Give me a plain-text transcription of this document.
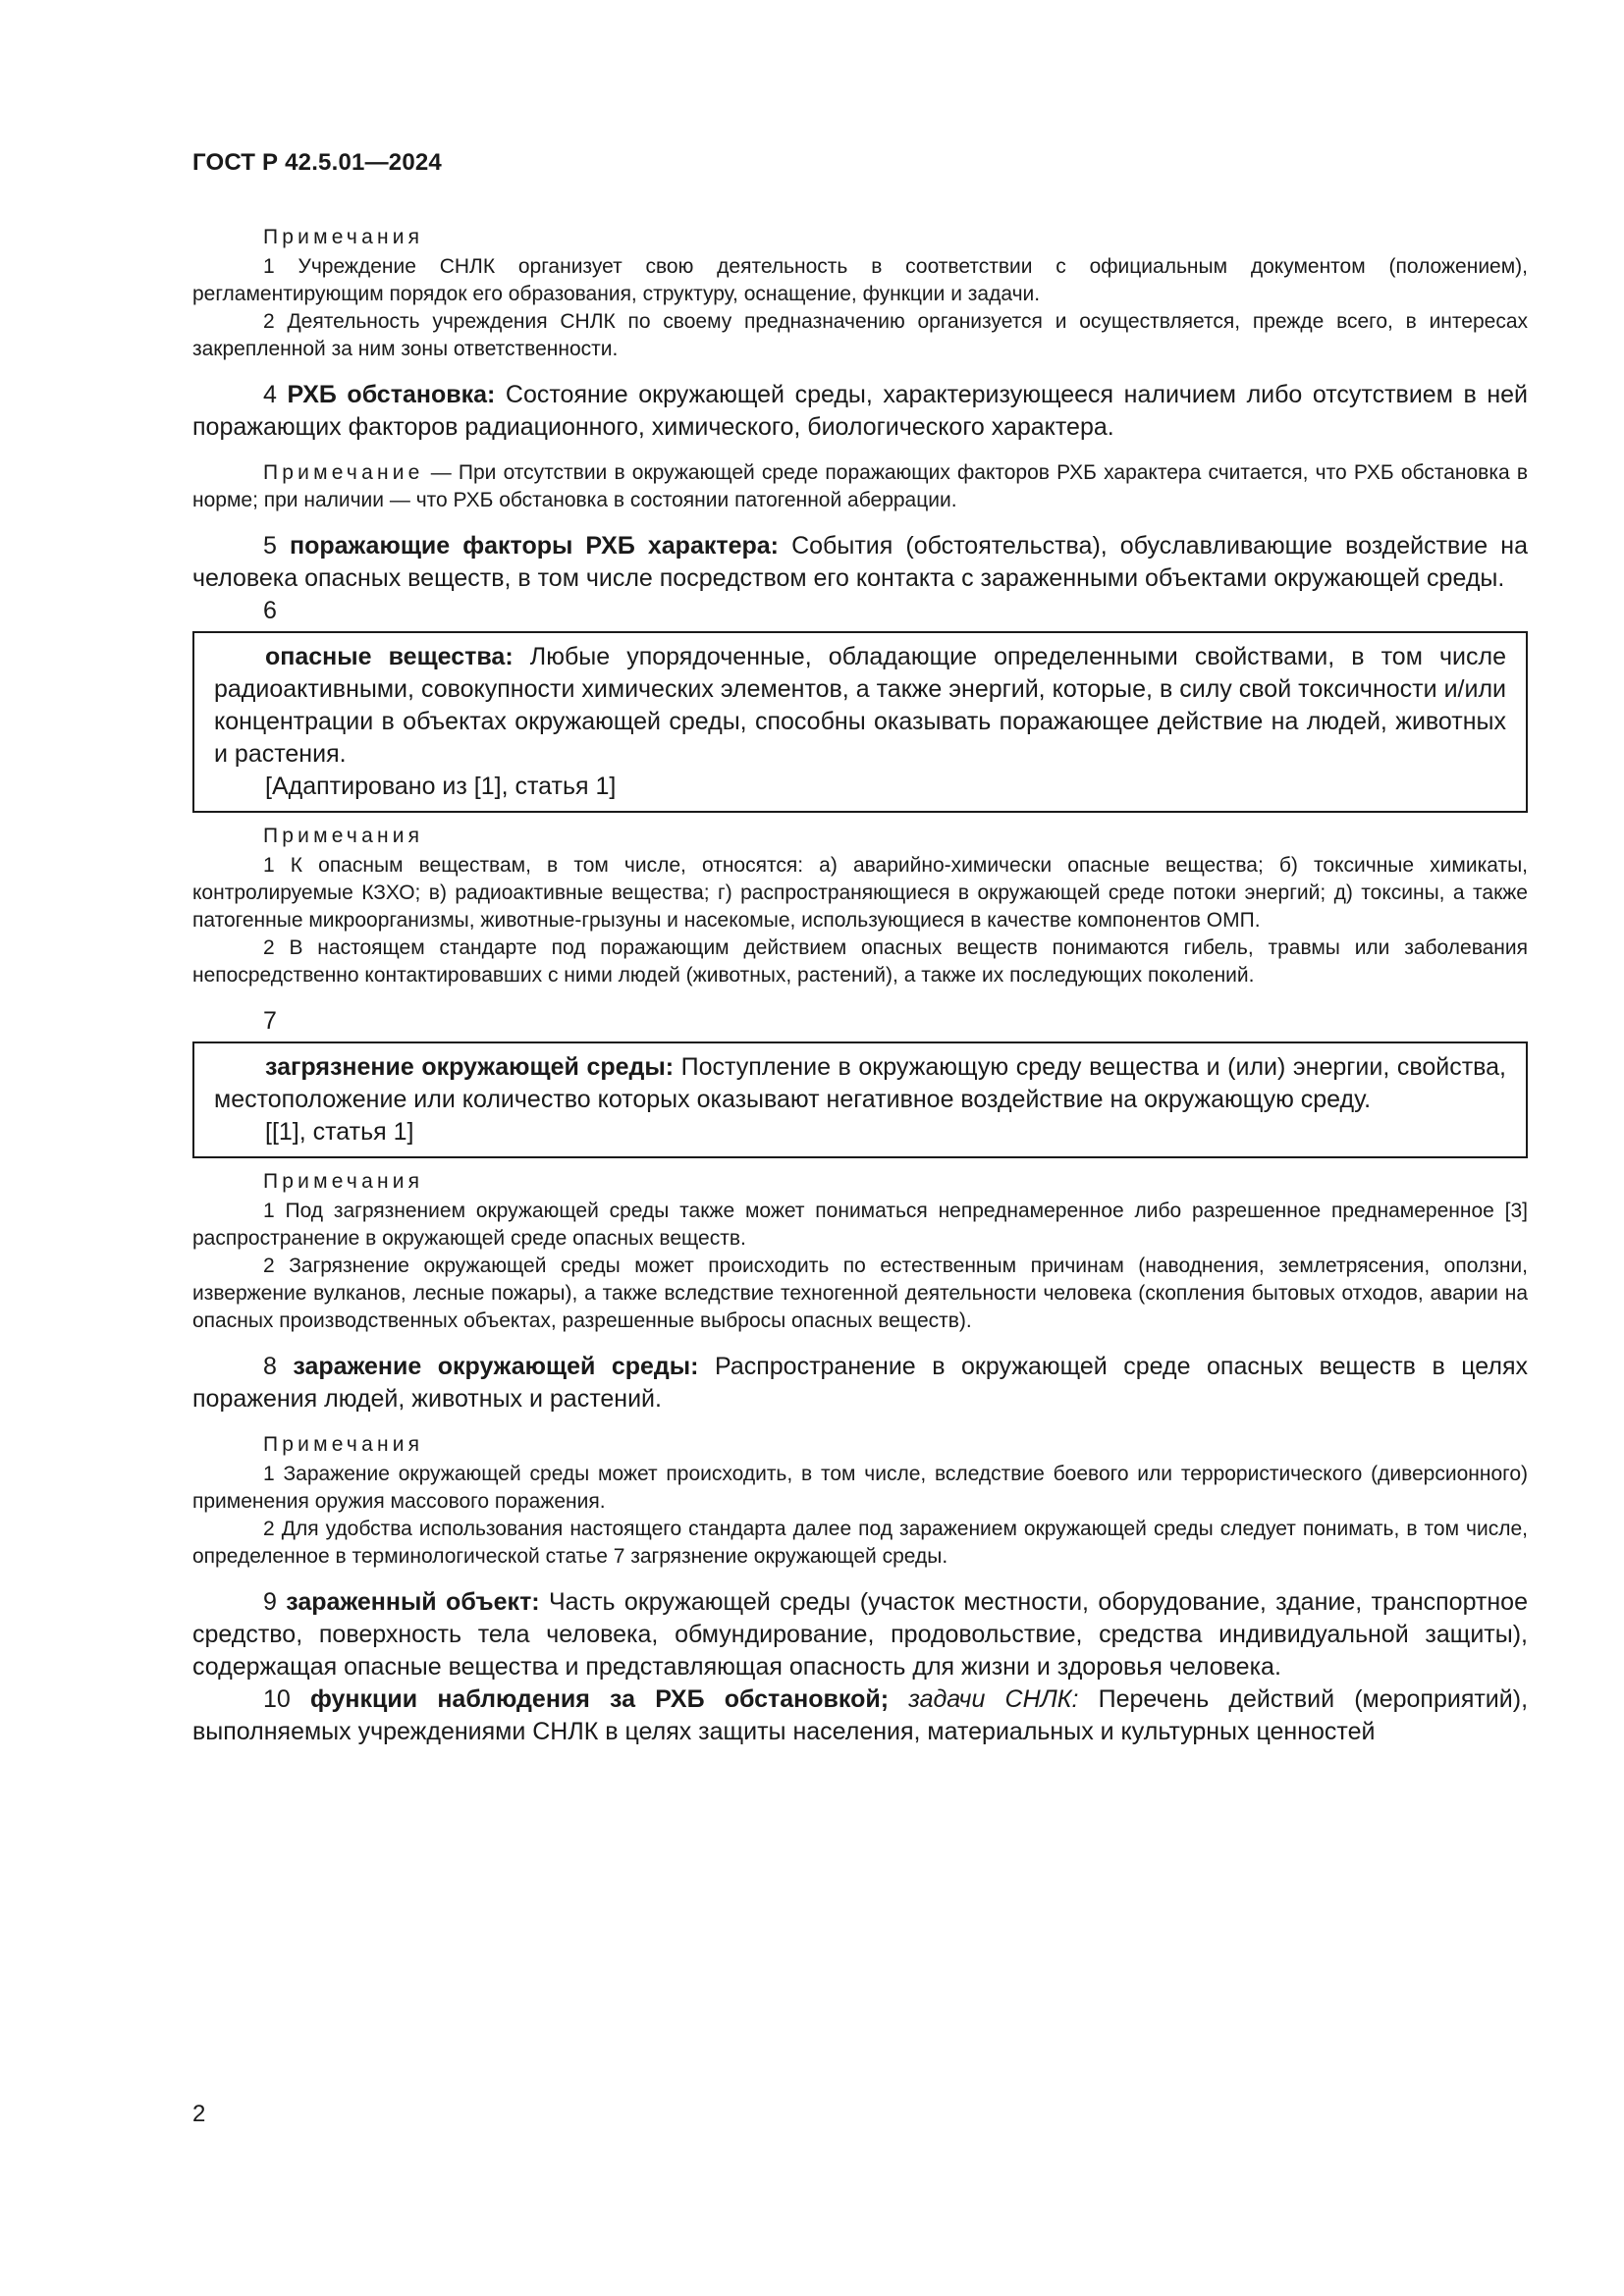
ГОСТ Р 42.5.01—2024
Примечания

1 Учреждение СНЛК организует свою деятельность в соответствии с официальным документом (положением), регламентирующим порядок его образования, структуру, оснащение, функции и задачи.

2 Деятельность учреждения СНЛК по своему предназначению организуется и осуществляется, прежде всего, в интересах закрепленной за ним зоны ответственности.

4 РХБ обстановка: Состояние окружающей среды, характеризующееся наличием либо отсутствием в ней поражающих факторов радиационного, химического, биологического характера.

Примечание — При отсутствии в окружающей среде поражающих факторов РХБ характера считается, что РХБ обстановка в норме; при наличии — что РХБ обстановка в состоянии патогенной аберрации.

5 поражающие факторы РХБ характера: События (обстоятельства), обуславливающие воздействие на человека опасных веществ, в том числе посредством его контакта с зараженными объектами окружающей среды.

6

опасные вещества: Любые упорядоченные, обладающие определенными свойствами, в том числе радиоактивными, совокупности химических элементов, а также энергий, которые, в силу свой токсичности и/или концентрации в объектах окружающей среды, способны оказывать поражающее действие на людей, животных и растения.

[Адаптировано из [1], статья 1]
Примечания

1 К опасным веществам, в том числе, относятся: а) аварийно-химически опасные вещества; б) токсичные химикаты, контролируемые КЗХО; в) радиоактивные вещества; г) распространяющиеся в окружающей среде потоки энергий; д) токсины, а также патогенные микроорганизмы, животные-грызуны и насекомые, использующиеся в качестве компонентов ОМП.

2 В настоящем стандарте под поражающим действием опасных веществ понимаются гибель, травмы или заболевания непосредственно контактировавших с ними людей (животных, растений), а также их последующих поколений.

7

загрязнение окружающей среды: Поступление в окружающую среду вещества и (или) энергии, свойства, местоположение или количество которых оказывают негативное воздействие на окружающую среду.

[[1], статья 1]
Примечания

1 Под загрязнением окружающей среды также может пониматься непреднамеренное либо разрешенное преднамеренное [3] распространение в окружающей среде опасных веществ.

2 Загрязнение окружающей среды может происходить по естественным причинам (наводнения, землетрясения, оползни, извержение вулканов, лесные пожары), а также вследствие техногенной деятельности человека (скопления бытовых отходов, аварии на опасных производственных объектах, разрешенные выбросы опасных веществ).

8 заражение окружающей среды: Распространение в окружающей среде опасных веществ в целях поражения людей, животных и растений.

Примечания

1 Заражение окружающей среды может происходить, в том числе, вследствие боевого или террористического (диверсионного) применения оружия массового поражения.

2 Для удобства использования настоящего стандарта далее под заражением окружающей среды следует понимать, в том числе, определенное в терминологической статье 7 загрязнение окружающей среды.

9 зараженный объект: Часть окружающей среды (участок местности, оборудование, здание, транспортное средство, поверхность тела человека, обмундирование, продовольствие, средства индивидуальной защиты), содержащая опасные вещества и представляющая опасность для жизни и здоровья человека.

10 функции наблюдения за РХБ обстановкой; задачи СНЛК: Перечень действий (мероприятий), выполняемых учреждениями СНЛК в целях защиты населения, материальных и культурных ценностей

2
